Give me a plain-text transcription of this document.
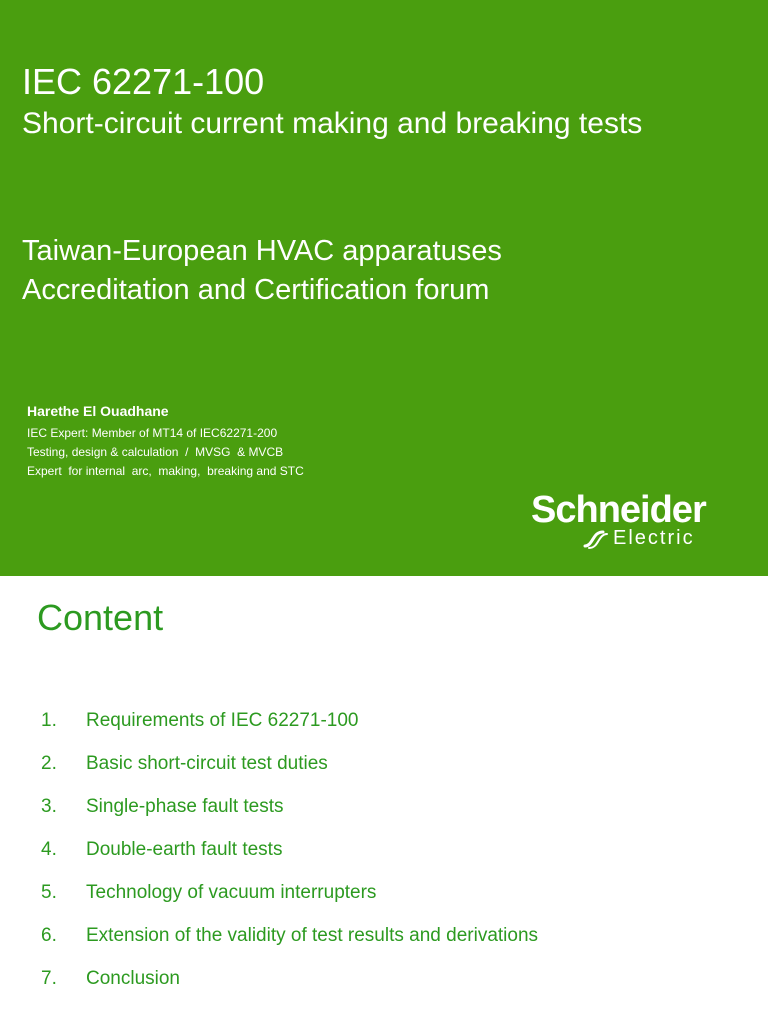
IEC 62271-100
Short-circuit current making and breaking tests
Taiwan-European HVAC apparatuses
Accreditation and Certification forum
Harethe El Ouadhane
IEC Expert: Member of MT14 of IEC62271-200
Testing, design & calculation  /  MVSG  & MVCB
Expert  for internal  arc,  making,  breaking and STC
Schneider
Electric
Content
1. Requirements of IEC 62271-100
2. Basic short-circuit test duties
3. Single-phase fault tests
4. Double-earth fault tests
5. Technology of vacuum interrupters
6. Extension of the validity of test results and derivations
7. Conclusion
